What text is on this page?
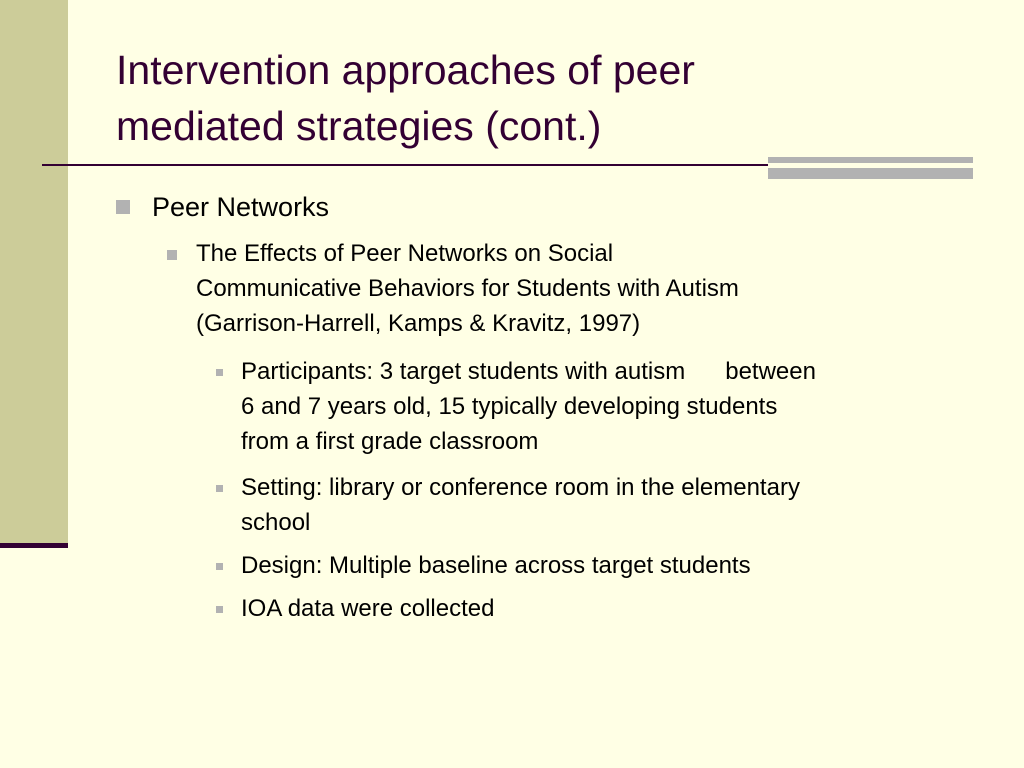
Intervention approaches of peer
mediated strategies (cont.)
Peer Networks
The Effects of Peer Networks on Social
Communicative Behaviors for Students with Autism
(Garrison-Harrell, Kamps & Kravitz, 1997)
Participants: 3 target students with autism      between
6 and 7 years old, 15 typically developing students
from a first grade classroom
Setting: library or conference room in the elementary
school
Design: Multiple baseline across target students
IOA data were collected
